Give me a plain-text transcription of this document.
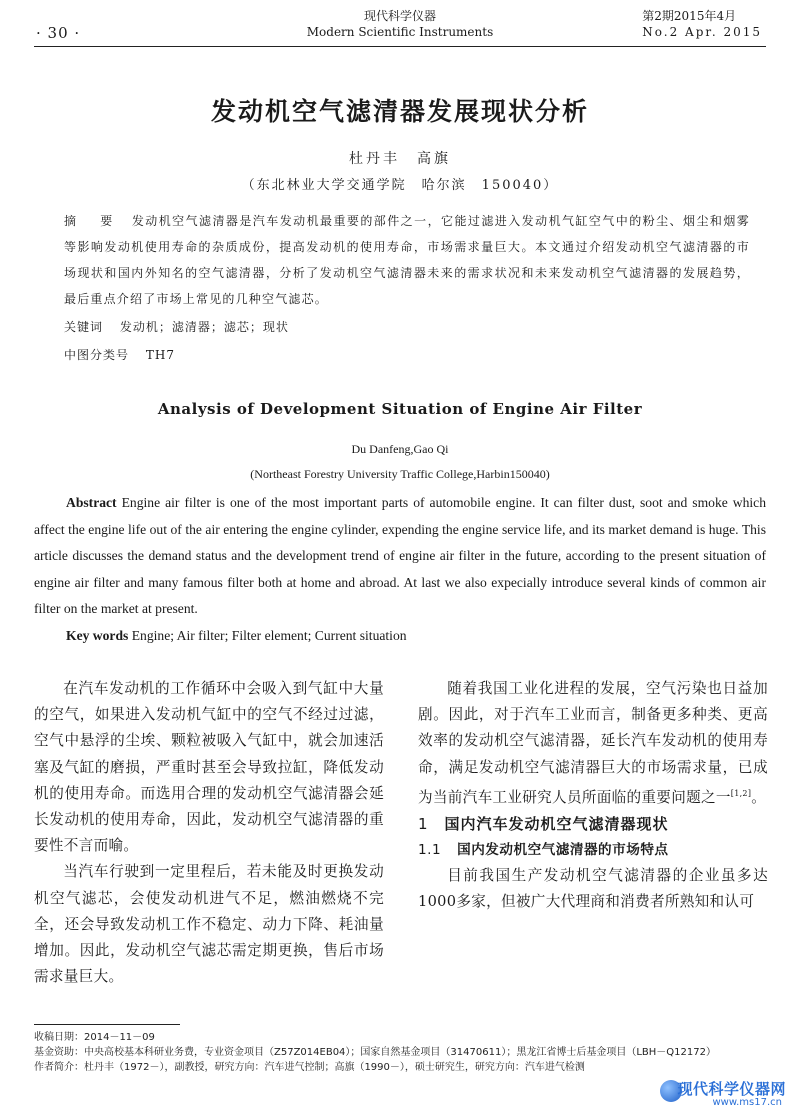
· 30 ·
现代科学仪器
Modern Scientific Instruments
第2期2015年4月
No.2 Apr. 2015
发动机空气滤清器发展现状分析
杜丹丰　高旗
（东北林业大学交通学院　哈尔滨　150040）
摘 要 发动机空气滤清器是汽车发动机最重要的部件之一，它能过滤进入发动机气缸空气中的粉尘、烟尘和烟雾等影响发动机使用寿命的杂质成份，提高发动机的使用寿命，市场需求量巨大。本文通过介绍发动机空气滤清器的市场现状和国内外知名的空气滤清器，分析了发动机空气滤清器未来的需求状况和未来发动机空气滤清器的发展趋势，最后重点介绍了市场上常见的几种空气滤芯。
关键词 发动机；滤清器；滤芯；现状
中图分类号 TH7
Analysis of Development Situation of Engine Air Filter
Du Danfeng,Gao Qi
(Northeast Forestry University Traffic College,Harbin150040)
Abstract Engine air filter is one of the most important parts of automobile engine. It can filter dust, soot and smoke which affect the engine life out of the air entering the engine cylinder, expending the engine service life, and its market demand is huge. This article discusses the demand status and the development trend of engine air filter in the future, according to the present situation of engine air filter and many famous filter both at home and abroad. At last we also expecially introduce several kinds of common air filter on the market at present.
Key words Engine; Air filter; Filter element; Current situation

在汽车发动机的工作循环中会吸入到气缸中大量的空气，如果进入发动机气缸中的空气不经过过滤，空气中悬浮的尘埃、颗粒被吸入气缸中，就会加速活塞及气缸的磨损，严重时甚至会导致拉缸，降低发动机的使用寿命。而选用合理的发动机空气滤清器会延长发动机的使用寿命，因此，发动机空气滤清器的重要性不言而喻。

当汽车行驶到一定里程后，若未能及时更换发动机空气滤芯，会使发动机进气不足，燃油燃烧不完全，还会导致发动机工作不稳定、动力下降、耗油量增加。因此，发动机空气滤芯需定期更换，售后市场需求量巨大。

随着我国工业化进程的发展，空气污染也日益加剧。因此，对于汽车工业而言，制备更多种类、更高效率的发动机空气滤清器，延长汽车发动机的使用寿命，满足发动机空气滤清器巨大的市场需求量，已成为当前汽车工业研究人员所面临的重要问题之一[1,2]。

1 国内汽车发动机空气滤清器现状

1.1 国内发动机空气滤清器的市场特点

目前我国生产发动机空气滤清器的企业虽多达1000多家，但被广大代理商和消费者所熟知和认可

收稿日期：2014－11－09
基金资助：中央高校基本科研业务费，专业资金项目（Z57Z014EB04）；国家自然基金项目（31470611）；黑龙江省博士后基金项目（LBH－Q12172）
作者简介：杜丹丰（1972－），副教授，研究方向：汽车进气控制；高旗（1990－），硕士研究生，研究方向：汽车进气检测
现代科学仪器网
www.ms17.cn
